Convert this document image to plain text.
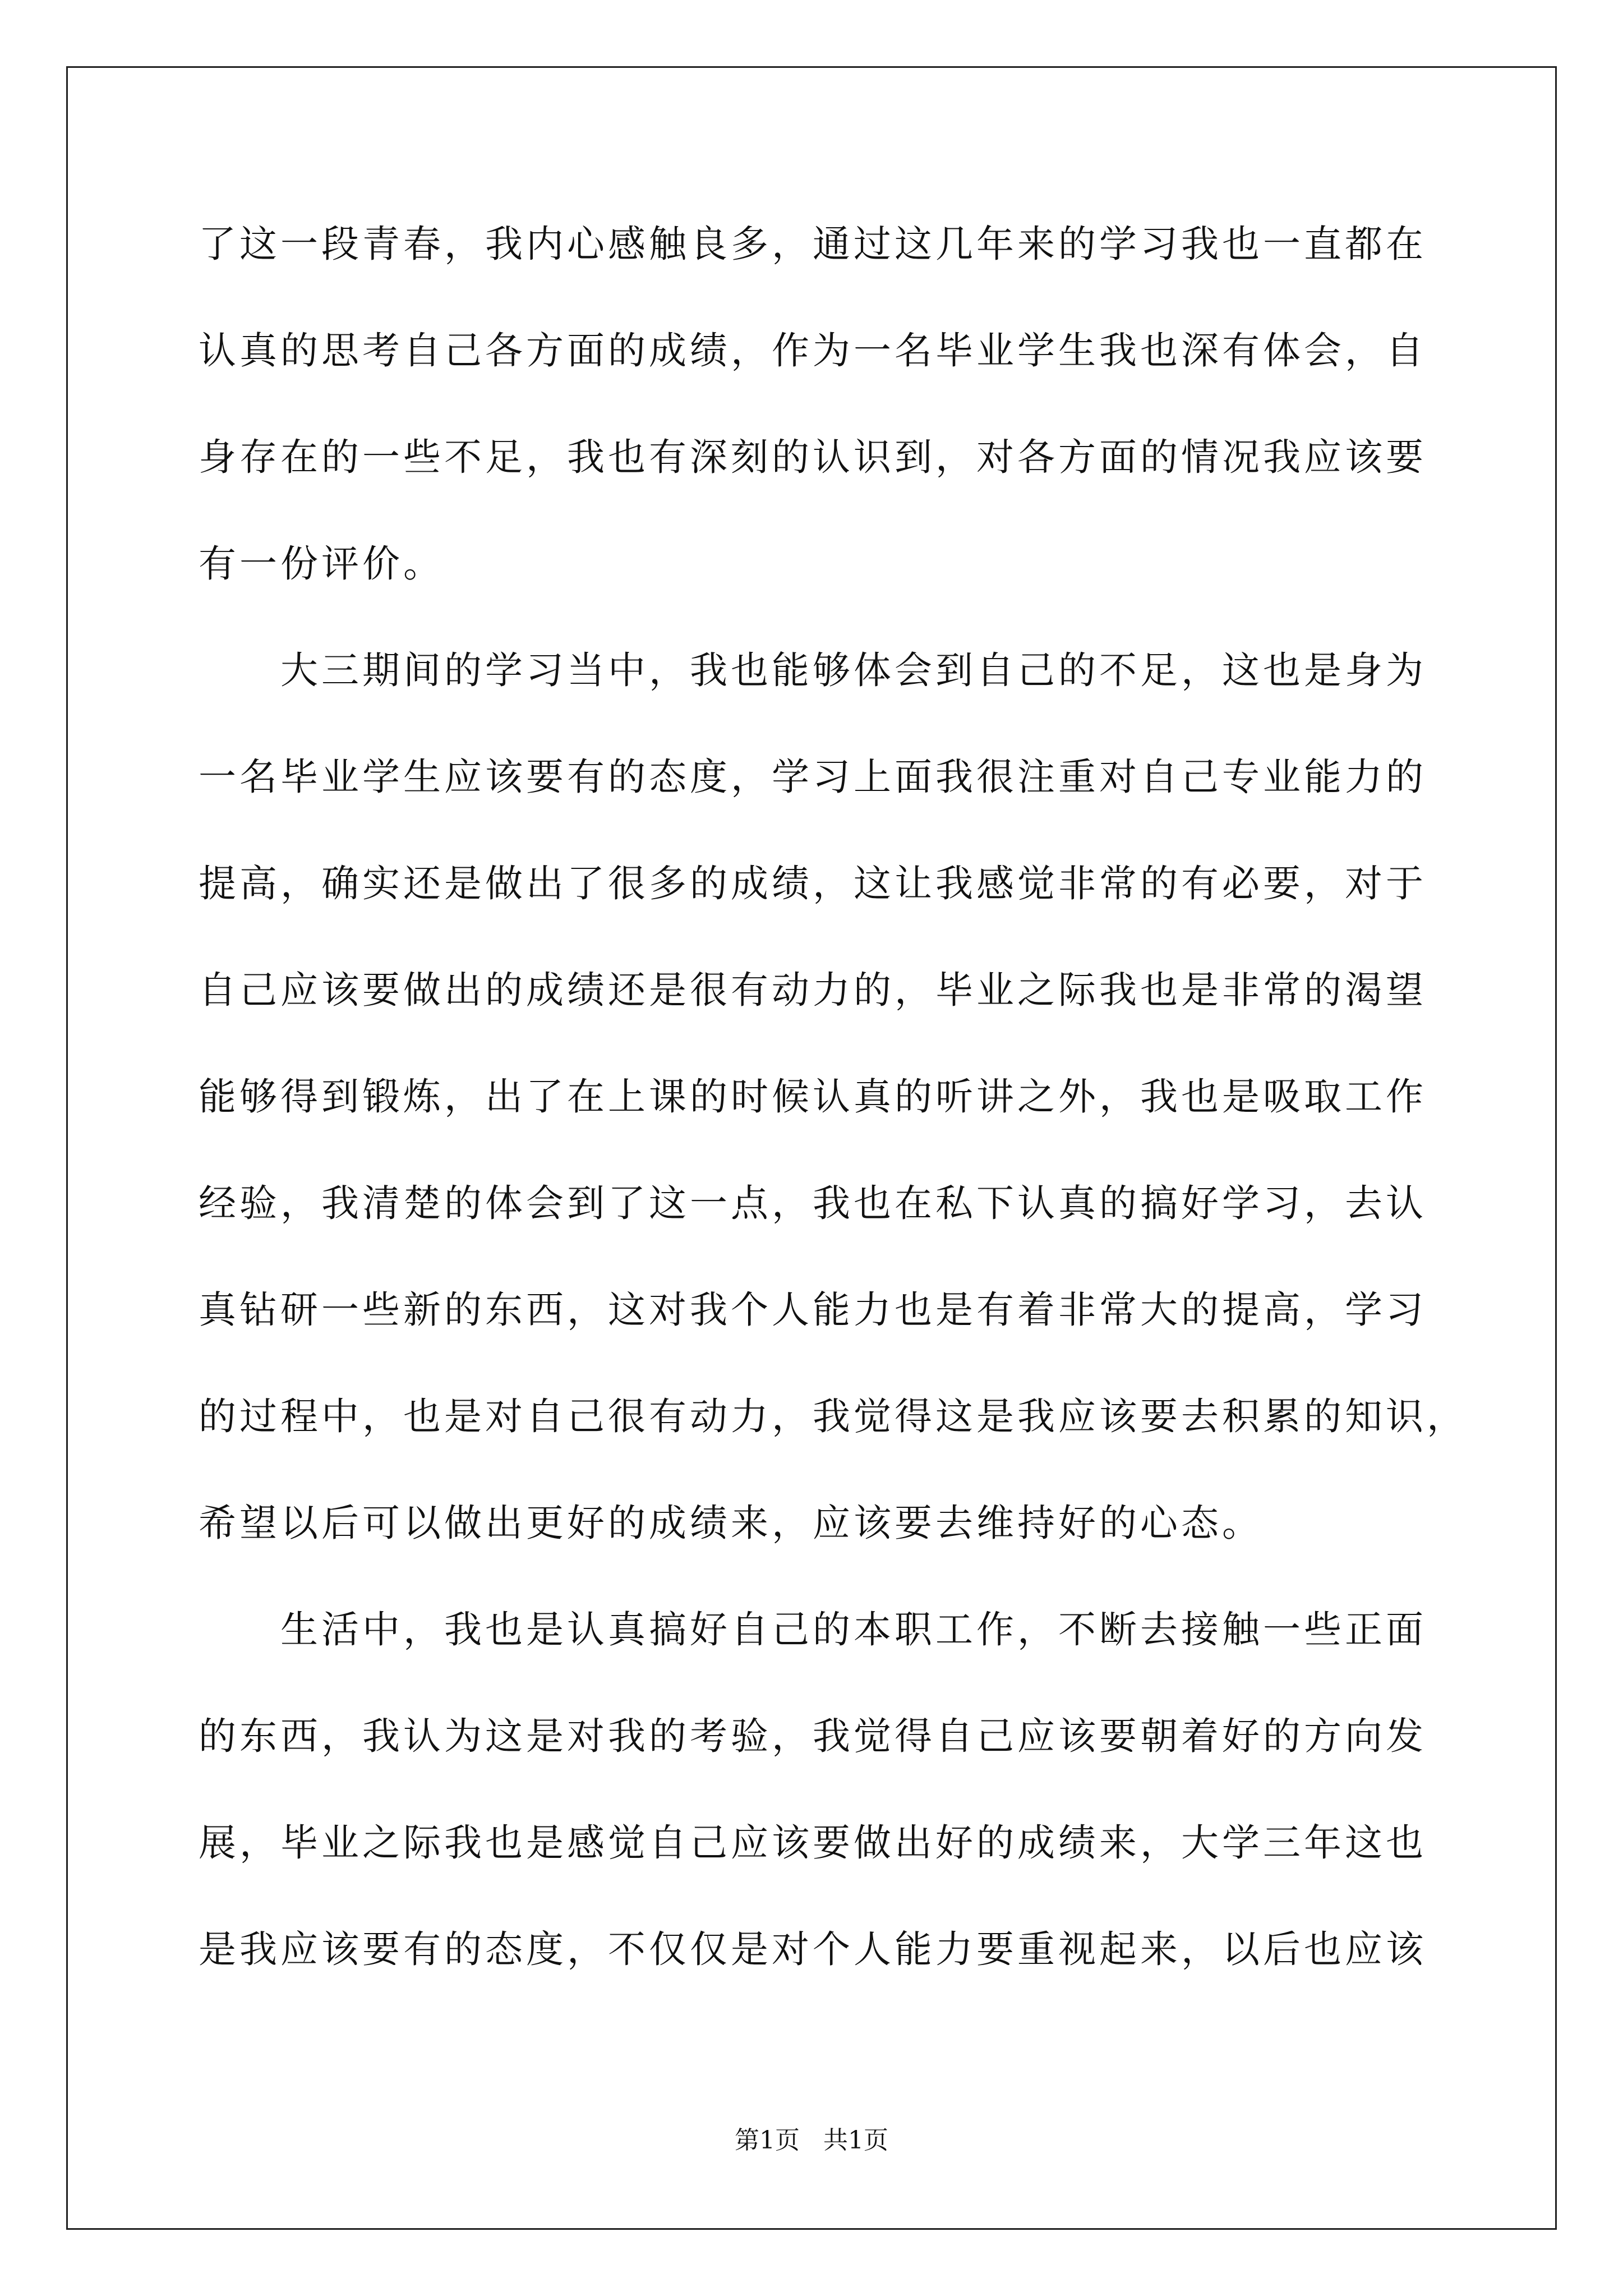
了这一段青春，我内心感触良多，通过这几年来的学习我也一直都在
认真的思考自己各方面的成绩，作为一名毕业学生我也深有体会，自
身存在的一些不足，我也有深刻的认识到，对各方面的情况我应该要
有一份评价。
　　大三期间的学习当中，我也能够体会到自己的不足，这也是身为
一名毕业学生应该要有的态度，学习上面我很注重对自己专业能力的
提高，确实还是做出了很多的成绩，这让我感觉非常的有必要，对于
自己应该要做出的成绩还是很有动力的，毕业之际我也是非常的渴望
能够得到锻炼，出了在上课的时候认真的听讲之外，我也是吸取工作
经验，我清楚的体会到了这一点，我也在私下认真的搞好学习，去认
真钻研一些新的东西，这对我个人能力也是有着非常大的提高，学习
的过程中，也是对自己很有动力，我觉得这是我应该要去积累的知识，
希望以后可以做出更好的成绩来，应该要去维持好的心态。
　　生活中，我也是认真搞好自己的本职工作，不断去接触一些正面
的东西，我认为这是对我的考验，我觉得自己应该要朝着好的方向发
展，毕业之际我也是感觉自己应该要做出好的成绩来，大学三年这也
是我应该要有的态度，不仅仅是对个人能力要重视起来，以后也应该
第1页 共1页
